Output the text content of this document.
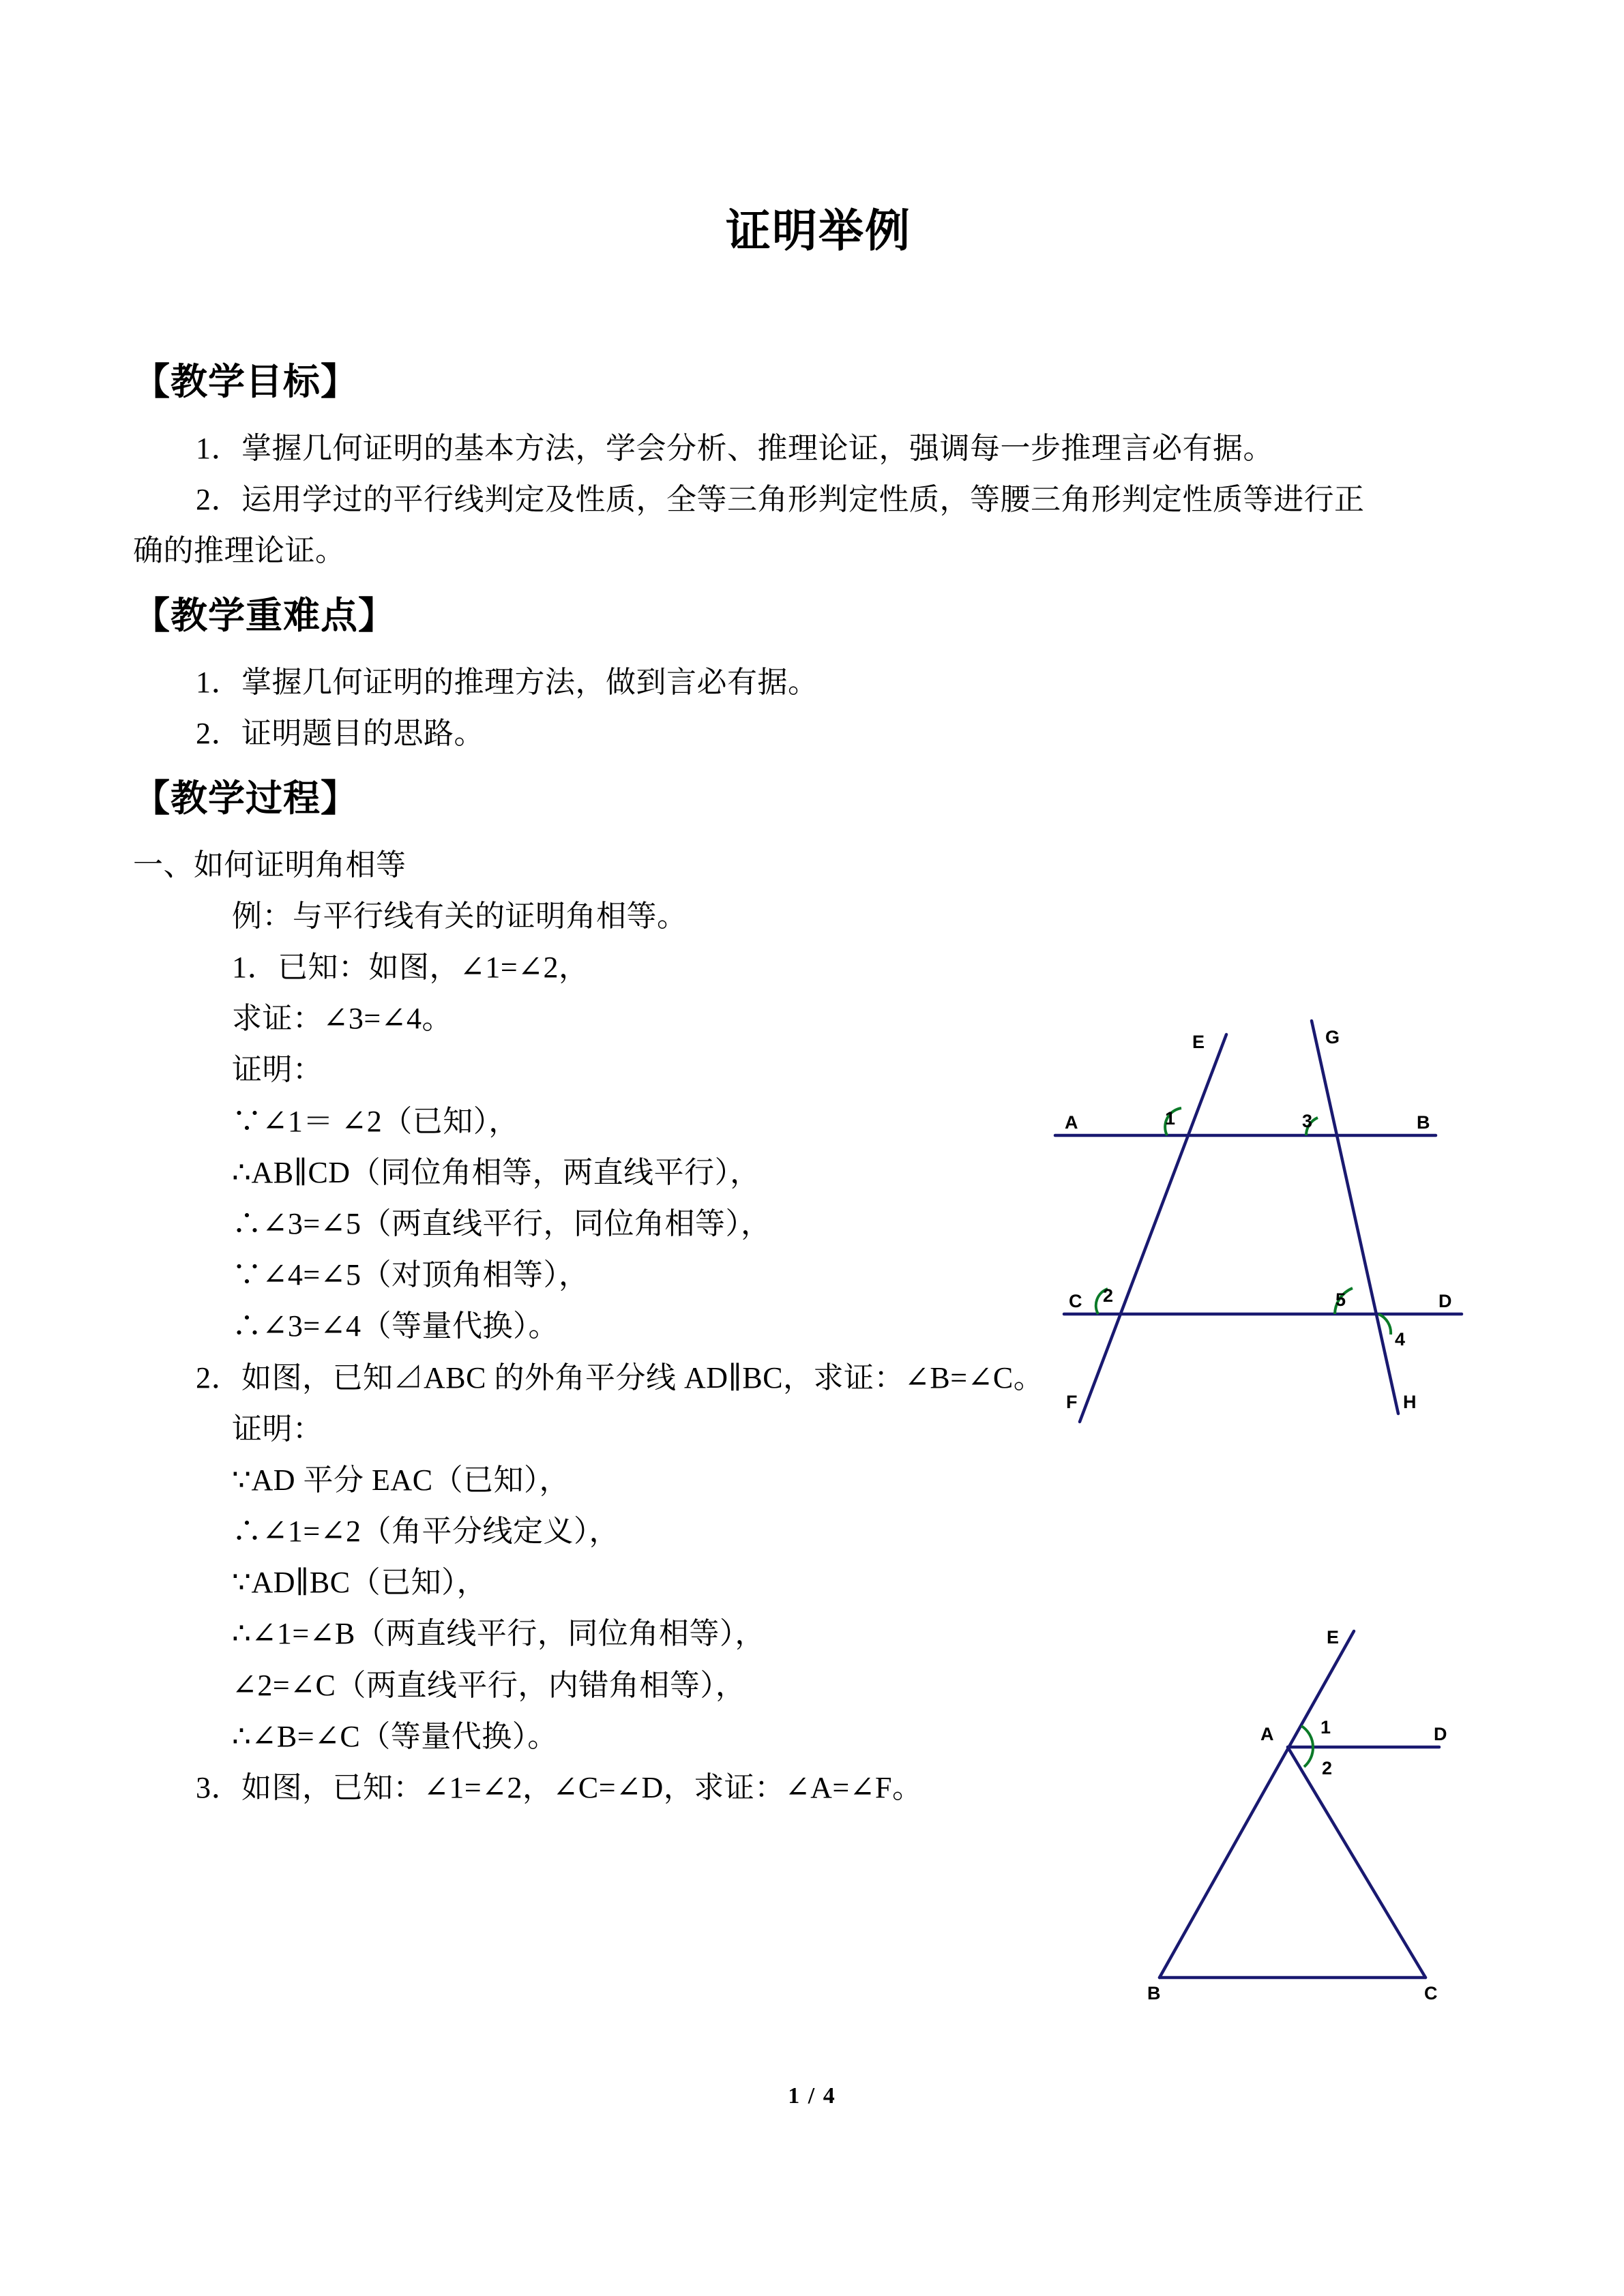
证明举例
【教学目标】
1．掌握几何证明的基本方法，学会分析、推理论证，强调每一步推理言必有据。
2．运用学过的平行线判定及性质，全等三角形判定性质，等腰三角形判定性质等进行正
确的推理论证。
【教学重难点】
1．掌握几何证明的推理方法，做到言必有据。
2．证明题目的思路。
【教学过程】
一、如何证明角相等
例：与平行线有关的证明角相等。
1．已知：如图，∠1=∠2，
求证：∠3=∠4。
证明：
∵∠1＝ ∠2（已知），
∴AB∥CD（同位角相等，两直线平行），
∴∠3=∠5（两直线平行，同位角相等），
∵∠4=∠5（对顶角相等），
∴∠3=∠4（等量代换）。
2．如图，已知⊿ABC 的外角平分线 AD∥BC，求证：∠B=∠C。
证明：
∵AD 平分 EAC（已知），
∴∠1=∠2（角平分线定义），
∵AD∥BC（已知），
∴∠1=∠B（两直线平行，同位角相等），
∠2=∠C（两直线平行，内错角相等），
∴∠B=∠C（等量代换）。
3．如图，已知：∠1=∠2，∠C=∠D，求证：∠A=∠F。
A	B
C	D
E
F
G
H
1
2
3
4
5
A
B	C
D
E
1
2
1 / 4
